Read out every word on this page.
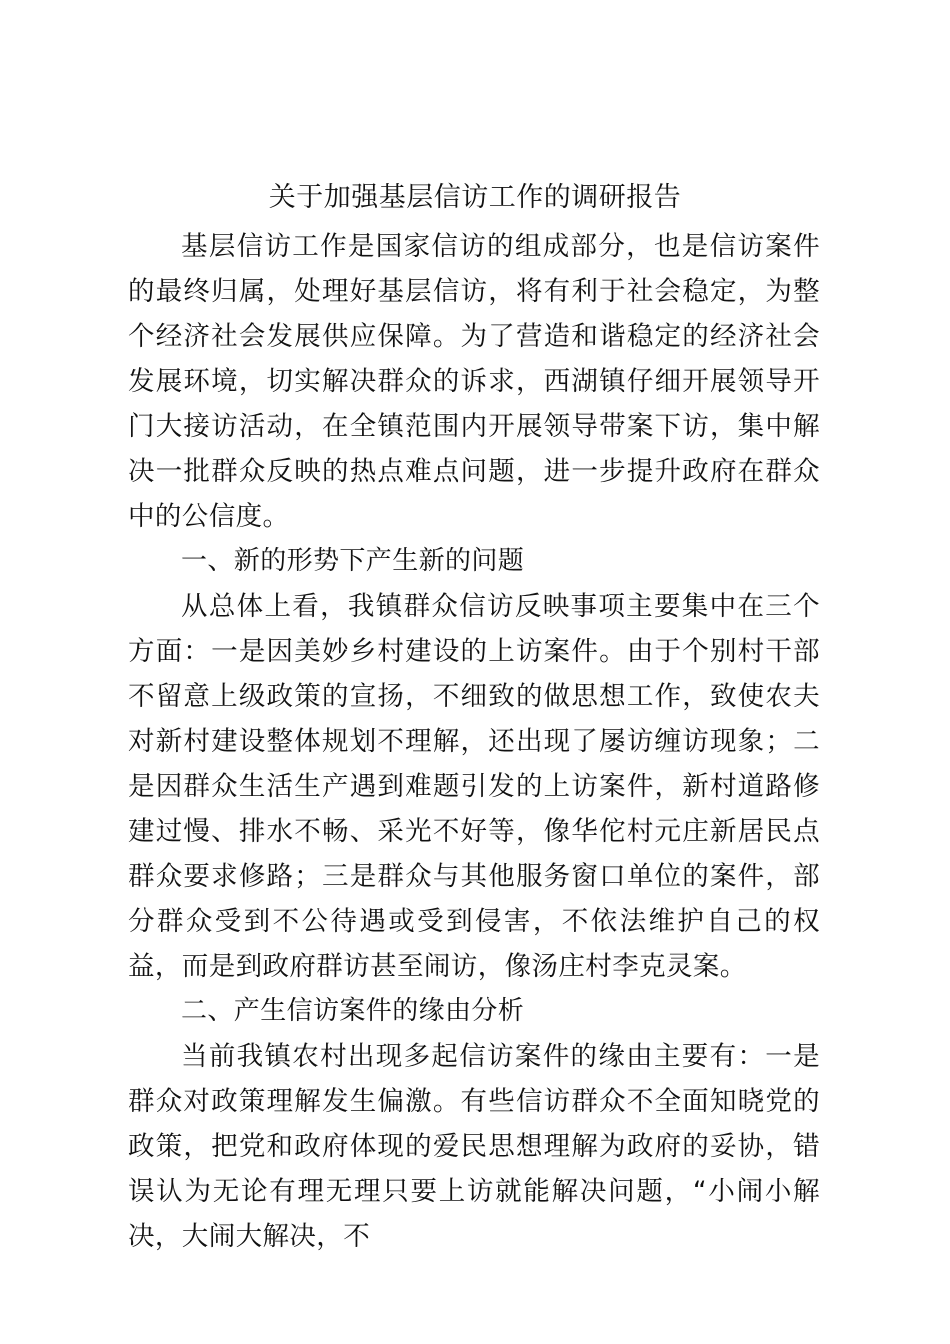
关于加强基层信访工作的调研报告

基层信访工作是国家信访的组成部分，也是信访案件的最终归属，处理好基层信访，将有利于社会稳定，为整个经济社会发展供应保障。为了营造和谐稳定的经济社会发展环境，切实解决群众的诉求，西湖镇仔细开展领导开门大接访活动，在全镇范围内开展领导带案下访，集中解决一批群众反映的热点难点问题，进一步提升政府在群众中的公信度。

一、新的形势下产生新的问题

从总体上看，我镇群众信访反映事项主要集中在三个方面：一是因美妙乡村建设的上访案件。由于个别村干部不留意上级政策的宣扬，不细致的做思想工作，致使农夫对新村建设整体规划不理解，还出现了屡访缠访现象；二是因群众生活生产遇到难题引发的上访案件，新村道路修建过慢、排水不畅、采光不好等，像华佗村元庄新居民点群众要求修路；三是群众与其他服务窗口单位的案件，部分群众受到不公待遇或受到侵害，不依法维护自己的权益，而是到政府群访甚至闹访，像汤庄村李克灵案。

二、产生信访案件的缘由分析

当前我镇农村出现多起信访案件的缘由主要有：一是群众对政策理解发生偏激。有些信访群众不全面知晓党的政策，把党和政府体现的爱民思想理解为政府的妥协，错误认为无论有理无理只要上访就能解决问题，“小闹小解决，大闹大解决，不
